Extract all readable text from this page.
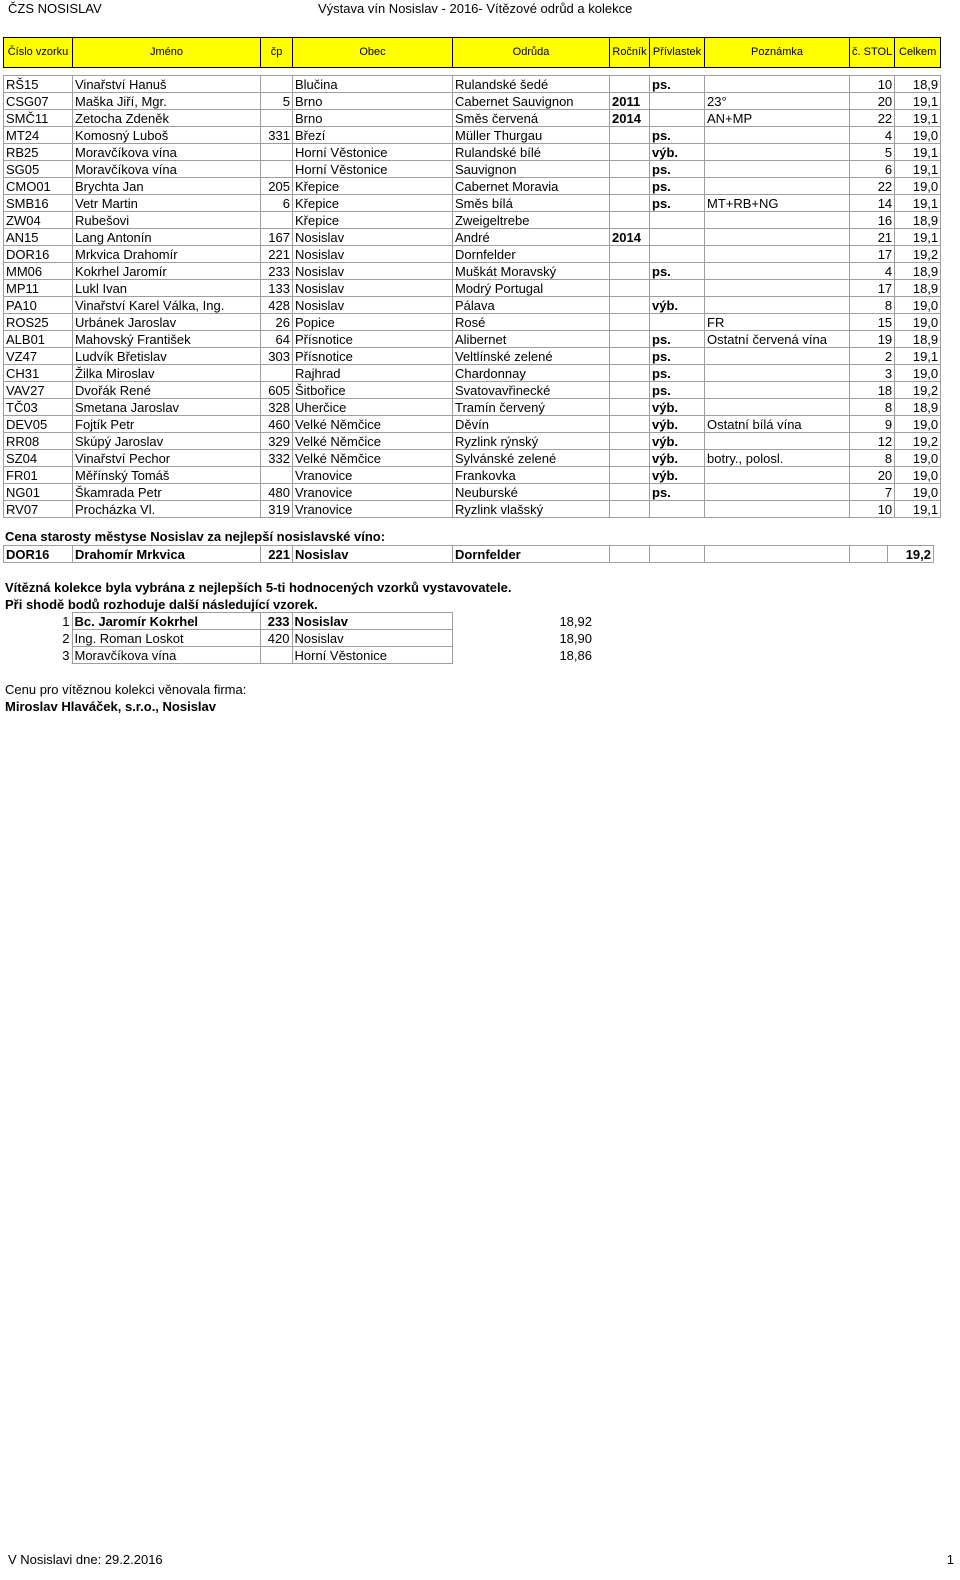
ČZS NOSISLAV	Výstava vín Nosislav - 2016- Vítězové odrůd a kolekce
Číslo vzorku	Jméno	čp	Obec	Odrůda	Ročník	Přívlastek	Poznámka	č. STOL	Celkem

RŠ15	Vinařství Hanuš		Blučina	Rulandské šedé		ps.		10	18,9
CSG07	Maška Jiří, Mgr.	5	Brno	Cabernet Sauvignon	2011		23°	20	19,1
SMČ11	Zetocha Zdeněk		Brno	Směs červená	2014		AN+MP	22	19,1
MT24	Komosný Luboš	331	Březí	Müller Thurgau		ps.		4	19,0
RB25	Moravčíkova vína		Horní Věstonice	Rulandské bílé		výb.		5	19,1
SG05	Moravčíkova vína		Horní Věstonice	Sauvignon		ps.		6	19,1
CMO01	Brychta Jan	205	Křepice	Cabernet Moravia		ps.		22	19,0
SMB16	Vetr Martin	6	Křepice	Směs bílá		ps.	MT+RB+NG	14	19,1
ZW04	Rubešovi		Křepice	Zweigeltrebe				16	18,9
AN15	Lang Antonín	167	Nosislav	André	2014			21	19,1
DOR16	Mrkvica Drahomír	221	Nosislav	Dornfelder				17	19,2
MM06	Kokrhel Jaromír	233	Nosislav	Muškát Moravský		ps.		4	18,9
MP11	Lukl Ivan	133	Nosislav	Modrý Portugal				17	18,9
PA10	Vinařství Karel Válka, Ing.	428	Nosislav	Pálava		výb.		8	19,0
ROS25	Urbánek Jaroslav	26	Popice	Rosé			FR	15	19,0
ALB01	Mahovský František	64	Přísnotice	Alibernet		ps.	Ostatní červená vína	19	18,9
VZ47	Ludvík Břetislav	303	Přísnotice	Veltlínské zelené		ps.		2	19,1
CH31	Žilka Miroslav		Rajhrad	Chardonnay		ps.		3	19,0
VAV27	Dvořák René	605	Šitbořice	Svatovavřinecké		ps.		18	19,2
TČ03	Smetana Jaroslav	328	Uherčice	Tramín červený		výb.		8	18,9
DEV05	Fojtík Petr	460	Velké Němčice	Děvín		výb.	Ostatní bílá vína	9	19,0
RR08	Skúpý Jaroslav	329	Velké Němčice	Ryzlink rýnský		výb.		12	19,2
SZ04	Vinařství Pechor	332	Velké Němčice	Sylvánské zelené		výb.	botry., polosl.	8	19,0
FR01	Měřínský Tomáš		Vranovice	Frankovka		výb.		20	19,0
NG01	Škamrada Petr	480	Vranovice	Neuburské		ps.		7	19,0
RV07	Procházka Vl.	319	Vranovice	Ryzlink vlašský				10	19,1
Cena starosty městyse Nosislav za nejlepší nosislavské víno:
DOR16	Drahomír Mrkvica	221	Nosislav	Dornfelder					19,2
Vítězná kolekce byla vybrána z nejlepších 5-ti hodnocených vzorků vystavovatele.
Při shodě bodů rozhoduje další následující vzorek.
1	Bc. Jaromír Kokrhel	233	Nosislav	18,92
2	Ing. Roman Loskot	420	Nosislav	18,90
3	Moravčíkova vína		Horní Věstonice	18,86
Cenu pro vítěznou kolekci věnovala firma:
Miroslav Hlaváček, s.r.o., Nosislav
V Nosislavi dne: 29.2.2016	1
